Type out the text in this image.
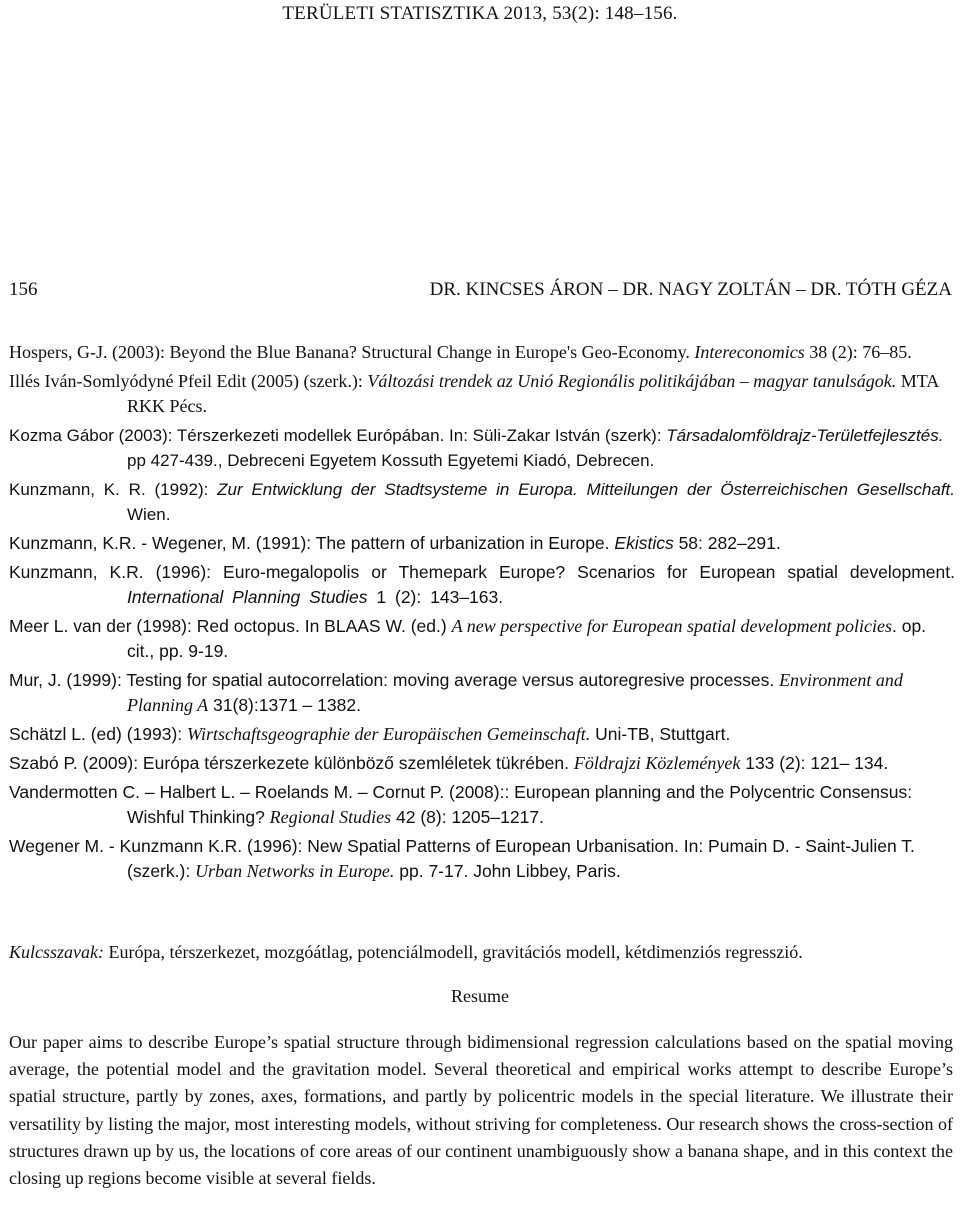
TERÜLETI STATISZTIKA 2013, 53(2): 148–156.
156	DR. KINCSES ÁRON – DR. NAGY ZOLTÁN – DR. TÓTH GÉZA

Hospers, G-J. (2003): Beyond the Blue Banana? Structural Change in Europe's Geo-Economy. Intereconomics 38 (2): 76–85.

Illés Iván-Somlyódyné Pfeil Edit (2005) (szerk.): Változási trendek az Unió Regionális politikájában – magyar tanulságok. MTA RKK Pécs.

Kozma Gábor (2003): Térszerkezeti modellek Európában. In: Süli-Zakar István (szerk): Társadalomföldrajz-Területfejlesztés. pp 427-439., Debreceni Egyetem Kossuth Egyetemi Kiadó, Debrecen.

Kunzmann, K. R. (1992): Zur Entwicklung der Stadtsysteme in Europa. Mitteilungen der Österreichischen Gesellschaft. Wien.

Kunzmann, K.R. - Wegener, M. (1991): The pattern of urbanization in Europe. Ekistics 58: 282–291.

Kunzmann, K.R. (1996): Euro-megalopolis or Themepark Europe? Scenarios for European spatial development. International Planning Studies 1 (2): 143–163.

Meer L. van der (1998): Red octopus. In BLAAS W. (ed.) A new perspective for European spatial development policies. op. cit., pp. 9-19.

Mur, J. (1999): Testing for spatial autocorrelation: moving average versus autoregresive processes. Environment and Planning A 31(8):1371 – 1382.

Schätzl L. (ed) (1993): Wirtschaftsgeographie der Europäischen Gemeinschaft. Uni-TB, Stuttgart.

Szabó P. (2009): Európa térszerkezete különböző szemléletek tükrében. Földrajzi Közlemények 133 (2): 121– 134.

Vandermotten C. – Halbert L. – Roelands M. – Cornut P. (2008):: European planning and the Polycentric Consensus: Wishful Thinking? Regional Studies 42 (8): 1205–1217.

Wegener M. - Kunzmann K.R. (1996): New Spatial Patterns of European Urbanisation. In: Pumain D. - Saint-Julien T.(szerk.): Urban Networks in Europe. pp. 7-17. John Libbey, Paris.

Kulcsszavak: Európa, térszerkezet, mozgóátlag, potenciálmodell, gravitációs modell, kétdimenziós regresszió.
Resume
Our paper aims to describe Europe’s spatial structure through bidimensional regression calculations based on the spatial moving average, the potential model and the gravitation model. Several theoretical and empirical works attempt to describe Europe’s spatial structure, partly by zones, axes, formations, and partly by policentric models in the special literature. We illustrate their versatility by listing the major, most interesting models, without striving for completeness. Our research shows the cross-section of structures drawn up by us, the locations of core areas of our continent unambiguously show a banana shape, and in this context the closing up regions become visible at several fields.
